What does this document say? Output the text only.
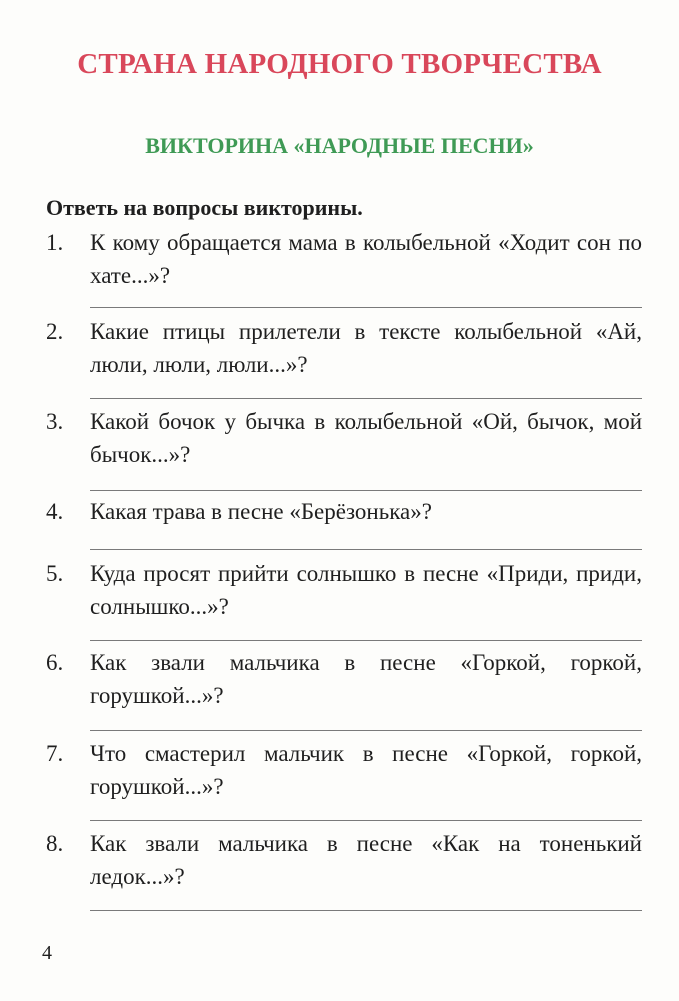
СТРАНА НАРОДНОГО ТВОРЧЕСТВА
ВИКТОРИНА «НАРОДНЫЕ ПЕСНИ»
Ответь на вопросы викторины.
1.	К кому обращается мама в колыбельной «Ходит сон по хате...»?
2.	Какие птицы прилетели в тексте колыбельной «Ай, люли, люли, люли...»?
3.	Какой бочок у бычка в колыбельной «Ой, бычок, мой бычок...»?
4.	Какая трава в песне «Берёзонька»?
5.	Куда просят прийти солнышко в песне «Приди, приди, солнышко...»?
6.	Как звали мальчика в песне «Горкой, горкой, горушкой...»?
7.	Что смастерил мальчик в песне «Горкой, горкой, горушкой...»?
8.	Как звали мальчика в песне «Как на тоненький ледок...»?
4
